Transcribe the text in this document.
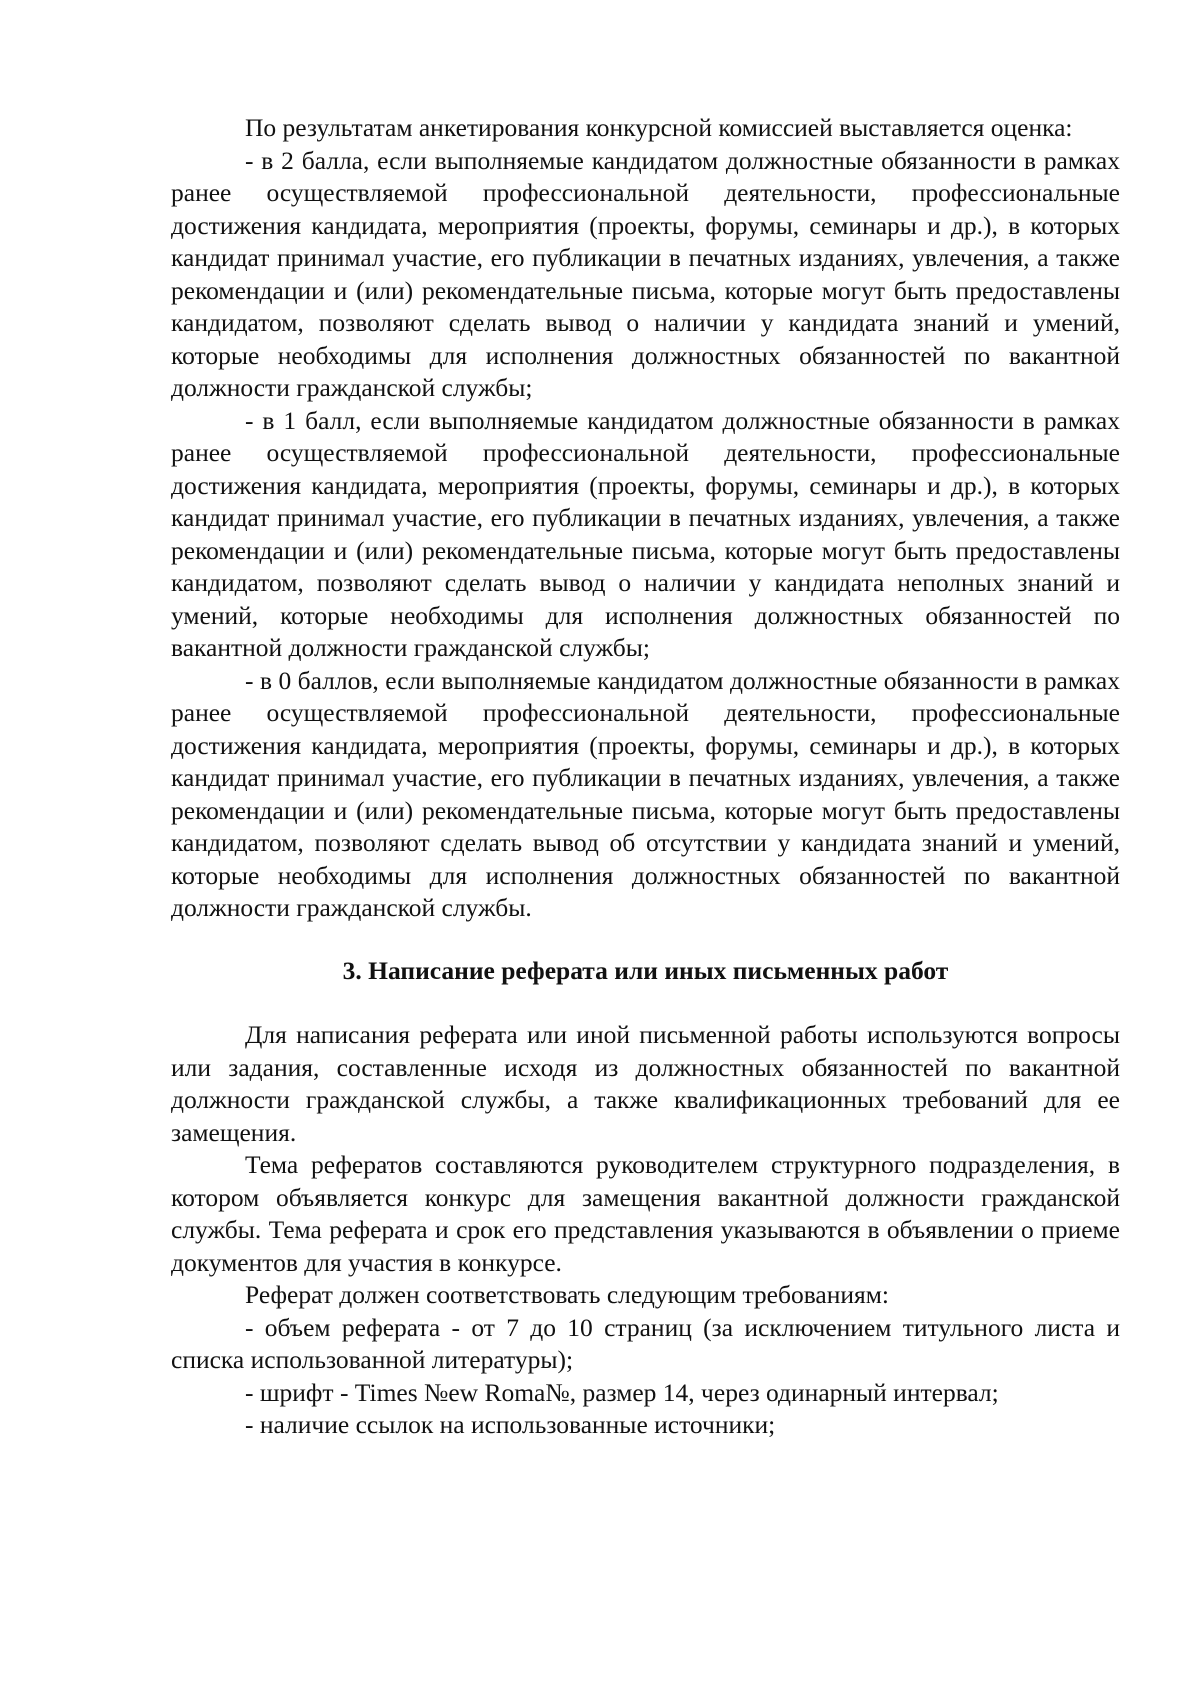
По результатам анкетирования конкурсной комиссией выставляется оценка:

- в 2 балла, если выполняемые кандидатом должностные обязанности в рамках ранее осуществляемой профессиональной деятельности, профессиональные достижения кандидата, мероприятия (проекты, форумы, семинары и др.), в которых кандидат принимал участие, его публикации в печатных изданиях, увлечения, а также рекомендации и (или) рекомендательные письма, которые могут быть предоставлены кандидатом, позволяют сделать вывод о наличии у кандидата знаний и умений, которые необходимы для исполнения должностных обязанностей по вакантной должности гражданской службы;

- в 1 балл, если выполняемые кандидатом должностные обязанности в рамках ранее осуществляемой профессиональной деятельности, профессиональные достижения кандидата, мероприятия (проекты, форумы, семинары и др.), в которых кандидат принимал участие, его публикации в печатных изданиях, увлечения, а также рекомендации и (или) рекомендательные письма, которые могут быть предоставлены кандидатом, позволяют сделать вывод о наличии у кандидата неполных знаний и умений, которые необходимы для исполнения должностных обязанностей по вакантной должности гражданской службы;

- в 0 баллов, если выполняемые кандидатом должностные обязанности в рамках ранее осуществляемой профессиональной деятельности, профессиональные достижения кандидата, мероприятия (проекты, форумы, семинары и др.), в которых кандидат принимал участие, его публикации в печатных изданиях, увлечения, а также рекомендации и (или) рекомендательные письма, которые могут быть предоставлены кандидатом, позволяют сделать вывод об отсутствии у кандидата знаний и умений, которые необходимы для исполнения должностных обязанностей по вакантной должности гражданской службы.

3. Написание реферата или иных письменных работ

Для написания реферата или иной письменной работы используются вопросы или задания, составленные исходя из должностных обязанностей по вакантной должности гражданской службы, а также квалификационных требований для ее замещения.

Тема рефератов составляются руководителем структурного подразделения, в котором объявляется конкурс для замещения вакантной должности гражданской службы. Тема реферата и срок его представления указываются в объявлении о приеме документов для участия в конкурсе.

Реферат должен соответствовать следующим требованиям:

- объем реферата - от 7 до 10 страниц (за исключением титульного листа и списка использованной литературы);

- шрифт - Times №ew Roma№, размер 14, через одинарный интервал;

- наличие ссылок на использованные источники;
